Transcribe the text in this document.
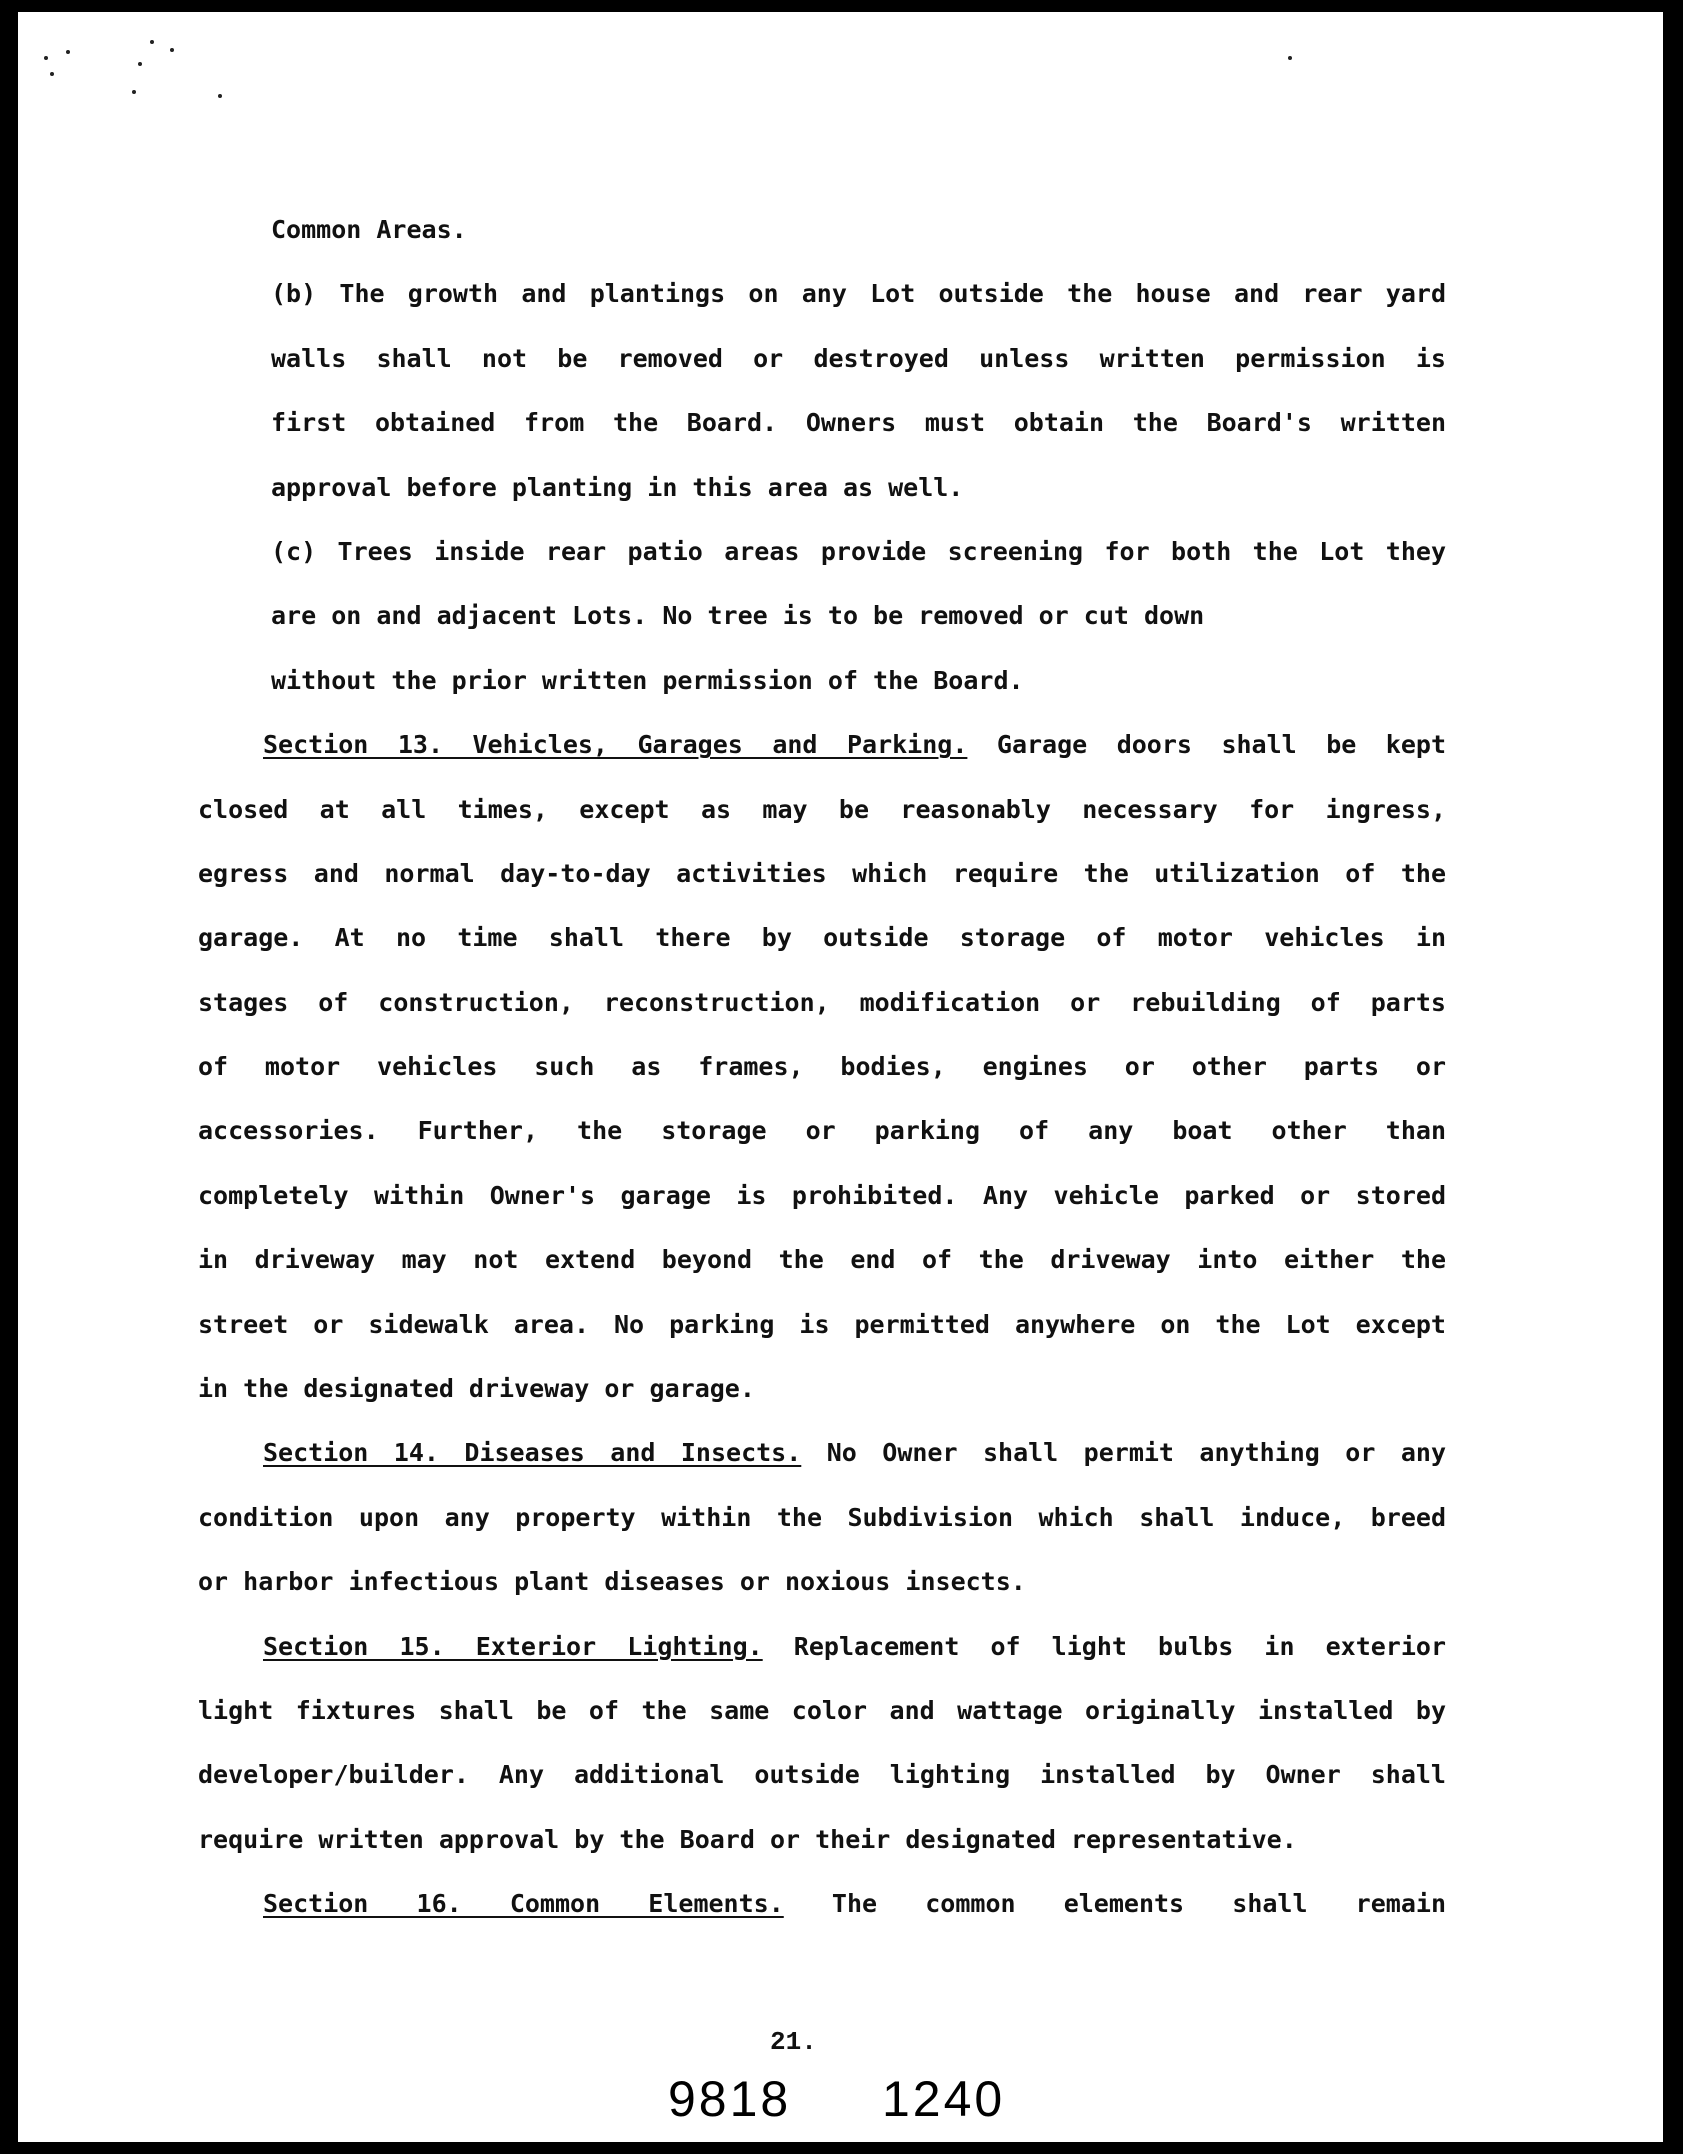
Common Areas.
(b) The growth and plantings on any Lot outside the house and rear yard
walls shall not be removed or destroyed unless written permission is
first obtained from the Board. Owners must obtain the Board's written
approval before planting in this area as well.
(c) Trees inside rear patio areas provide screening for both the Lot they
are on and adjacent Lots. No tree is to be removed or cut down
without the prior written permission of the Board.
Section 13. Vehicles, Garages and Parking. Garage doors shall be kept
closed at all times, except as may be reasonably necessary for ingress,
egress and normal day-to-day activities which require the utilization of the
garage. At no time shall there by outside storage of motor vehicles in
stages of construction, reconstruction, modification or rebuilding of parts
of motor vehicles such as frames, bodies, engines or other parts or
accessories. Further, the storage or parking of any boat other than
completely within Owner's garage is prohibited. Any vehicle parked or stored
in driveway may not extend beyond the end of the driveway into either the
street or sidewalk area. No parking is permitted anywhere on the Lot except
in the designated driveway or garage.
Section 14. Diseases and Insects. No Owner shall permit anything or any
condition upon any property within the Subdivision which shall induce, breed
or harbor infectious plant diseases or noxious insects.
Section 15. Exterior Lighting. Replacement of light bulbs in exterior
light fixtures shall be of the same color and wattage originally installed by
developer/builder. Any additional outside lighting installed by Owner shall
require written approval by the Board or their designated representative.
Section 16. Common Elements. The common elements shall remain
21.
9818 1240
